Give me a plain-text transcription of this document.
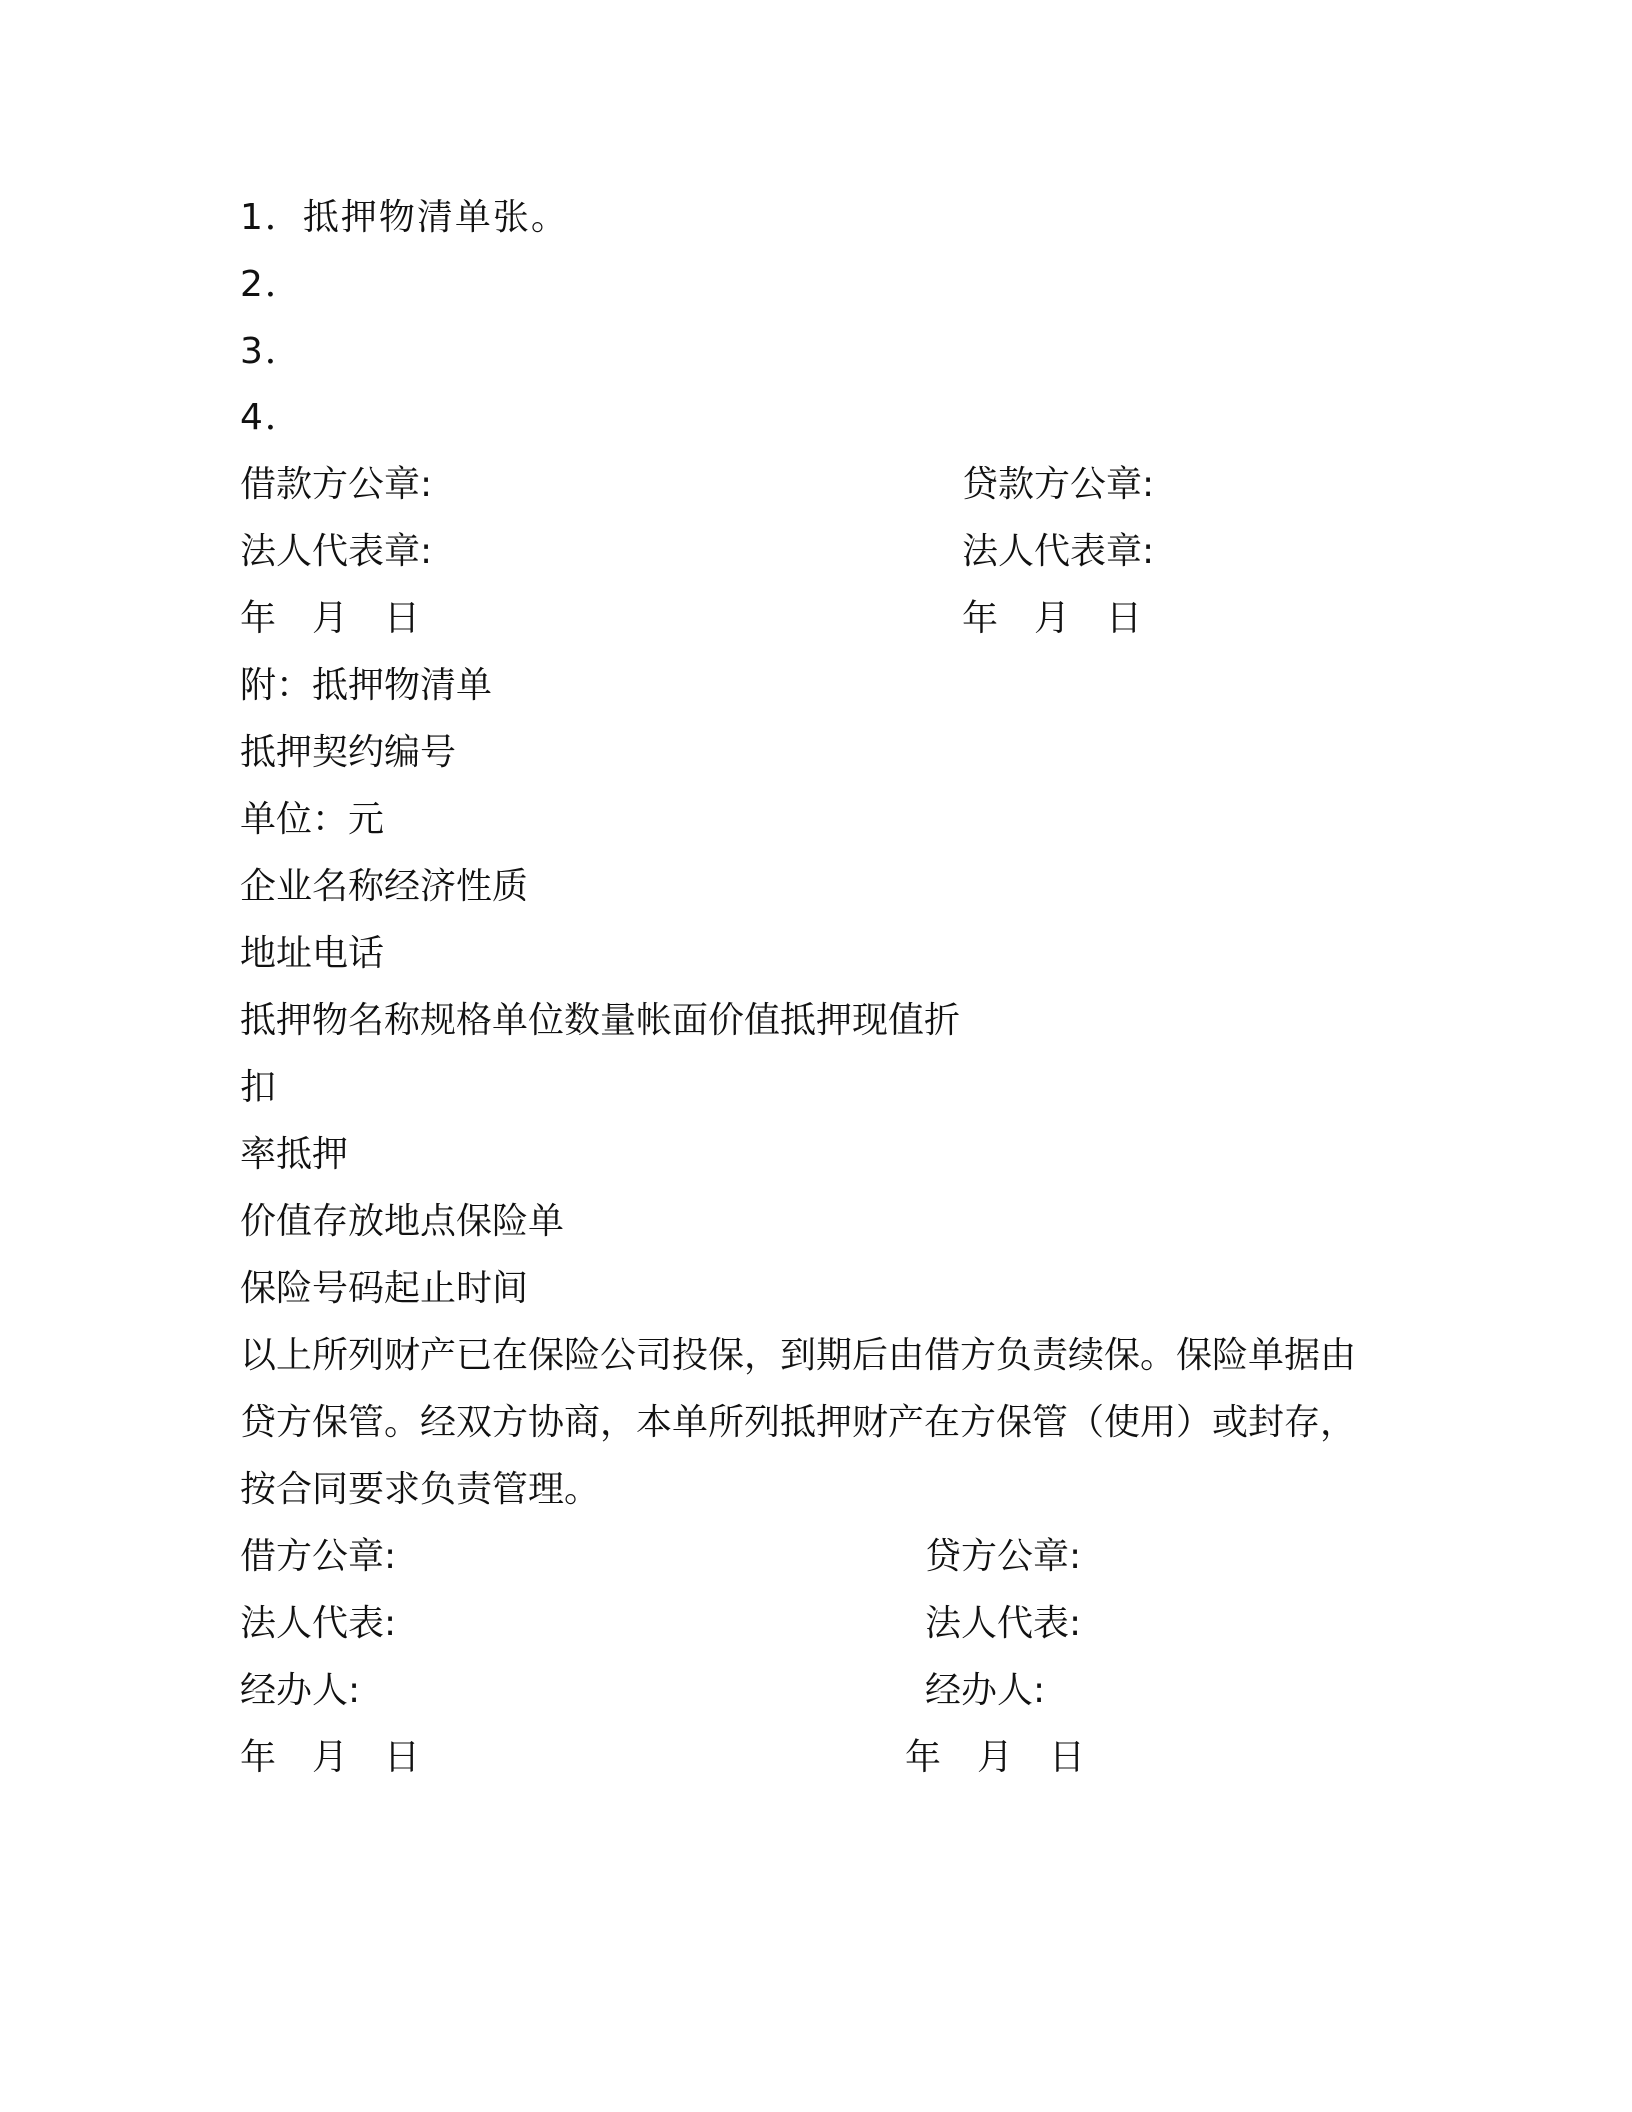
1．抵押物清单张。
2．
3．
4．
借款方公章:	贷款方公章:
法人代表章:	法人代表章:
年　月　日	年　月　日
附：抵押物清单
抵押契约编号
单位：元
企业名称经济性质
地址电话
抵押物名称规格单位数量帐面价值抵押现值折
扣
率抵押
价值存放地点保险单
保险号码起止时间
以上所列财产已在保险公司投保，到期后由借方负责续保。保险单据由
贷方保管。经双方协商，本单所列抵押财产在方保管（使用）或封存，
按合同要求负责管理。
借方公章:	贷方公章:
法人代表:	法人代表:
经办人:	经办人:
年　月　日	年　月　日
